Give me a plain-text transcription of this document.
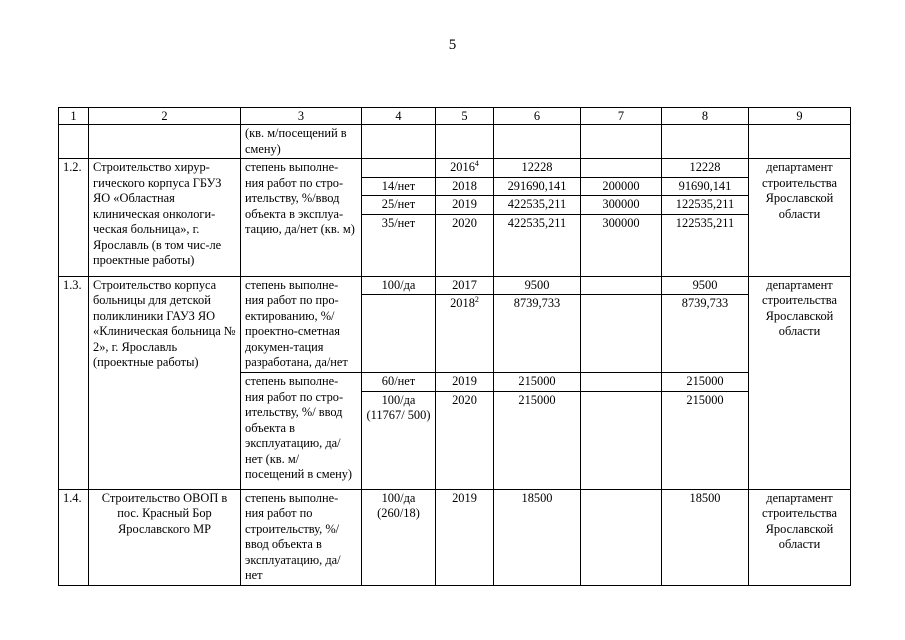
5
1	2	3	4	5	6	7	8	9
		(кв. м/посещений в смену)						
1.2.	Строительство хирур-гического корпуса ГБУЗ ЯО «Областная клиническая онкологи-ческая больница», г. Ярославль (в том чис-ле проектные работы)	степень выполне-ния работ по стро-ительству, %/ввод объекта в эксплуа-тацию, да/нет (кв. м)		2016$^4$	12228		12228	департамент строительства Ярославской области
			14/нет	2018	291690,141	200000	91690,141	
			25/нет	2019	422535,211	300000	122535,211	
			35/нет	2020	422535,211	300000	122535,211	
1.3.	Строительство корпуса больницы для детской поликлиники ГАУЗ ЯО «Клиническая больница № 2», г. Ярославль (проектные работы)	степень выполне-ния работ по про-ектированию, %/проектно-сметная докумен-тация разработана, да/нет	100/да	2017	9500		9500	департамент строительства Ярославской области
				2018$^2$	8739,733		8739,733	
		степень выполне-ния работ по стро-ительству, %/ ввод объекта в эксплуатацию, да/нет (кв. м/посещений в смену)	60/нет	2019	215000		215000	
			100/да (11767/ 500)	2020	215000		215000	
1.4.	Строительство ОВОП в пос. Красный Бор Ярославского МР	степень выполне-ния работ по строительству, %/ввод объекта в эксплуатацию, да/нет	100/да (260/18)	2019	18500		18500	департамент строительства Ярославской области
